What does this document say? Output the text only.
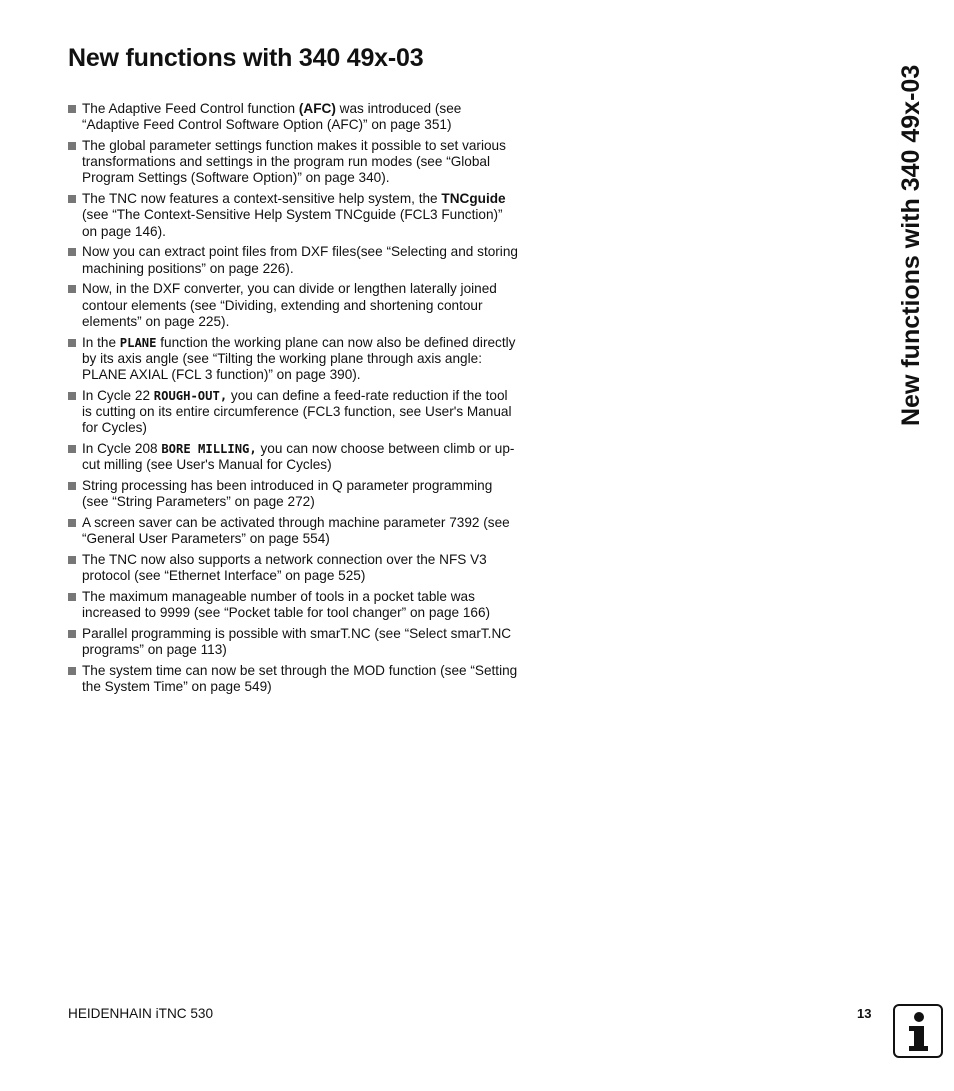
New functions with 340 49x-03
The Adaptive Feed Control function (AFC) was introduced (see “Adaptive Feed Control Software Option (AFC)” on page 351)
The global parameter settings function makes it possible to set various transformations and settings in the program run modes (see “Global Program Settings (Software Option)” on page 340).
The TNC now features a context-sensitive help system, the TNCguide (see “The Context-Sensitive Help System TNCguide (FCL3 Function)” on page 146).
Now you can extract point files from DXF files(see “Selecting and storing machining positions” on page 226).
Now, in the DXF converter, you can divide or lengthen laterally joined contour elements (see “Dividing, extending and shortening contour elements” on page 225).
In the PLANE function the working plane can now also be defined directly by its axis angle (see “Tilting the working plane through axis angle: PLANE AXIAL (FCL 3 function)” on page 390).
In Cycle 22 ROUGH-OUT, you can define a feed-rate reduction if the tool is cutting on its entire circumference (FCL3 function, see User's Manual for Cycles)
In Cycle 208 BORE MILLING, you can now choose between climb or up-cut milling (see User's Manual for Cycles)
String processing has been introduced in Q parameter programming (see “String Parameters” on page 272)
A screen saver can be activated through machine parameter 7392 (see “General User Parameters” on page 554)
The TNC now also supports a network connection over the NFS V3 protocol (see “Ethernet Interface” on page 525)
The maximum manageable number of tools in a pocket table was increased to 9999 (see “Pocket table for tool changer” on page 166)
Parallel programming is possible with smarT.NC (see “Select smarT.NC programs” on page 113)
The system time can now be set through the MOD function (see “Setting the System Time” on page 549)
New functions with 340 49x-03
HEIDENHAIN iTNC 530	13
